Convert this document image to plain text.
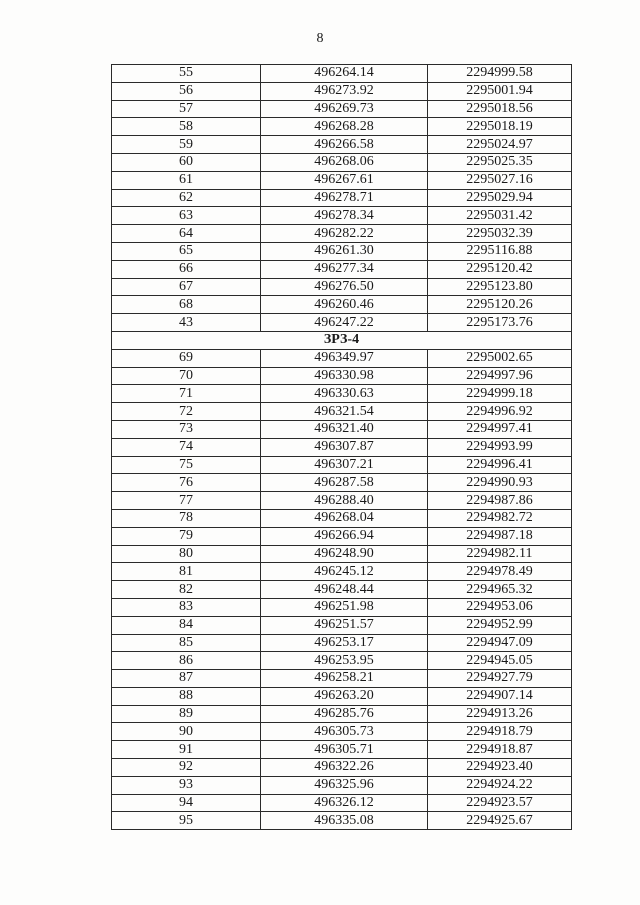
8
55	496264.14	2294999.58
56	496273.92	2295001.94
57	496269.73	2295018.56
58	496268.28	2295018.19
59	496266.58	2295024.97
60	496268.06	2295025.35
61	496267.61	2295027.16
62	496278.71	2295029.94
63	496278.34	2295031.42
64	496282.22	2295032.39
65	496261.30	2295116.88
66	496277.34	2295120.42
67	496276.50	2295123.80
68	496260.46	2295120.26
43	496247.22	2295173.76
ЗРЗ-4		
69	496349.97	2295002.65
70	496330.98	2294997.96
71	496330.63	2294999.18
72	496321.54	2294996.92
73	496321.40	2294997.41
74	496307.87	2294993.99
75	496307.21	2294996.41
76	496287.58	2294990.93
77	496288.40	2294987.86
78	496268.04	2294982.72
79	496266.94	2294987.18
80	496248.90	2294982.11
81	496245.12	2294978.49
82	496248.44	2294965.32
83	496251.98	2294953.06
84	496251.57	2294952.99
85	496253.17	2294947.09
86	496253.95	2294945.05
87	496258.21	2294927.79
88	496263.20	2294907.14
89	496285.76	2294913.26
90	496305.73	2294918.79
91	496305.71	2294918.87
92	496322.26	2294923.40
93	496325.96	2294924.22
94	496326.12	2294923.57
95	496335.08	2294925.67
